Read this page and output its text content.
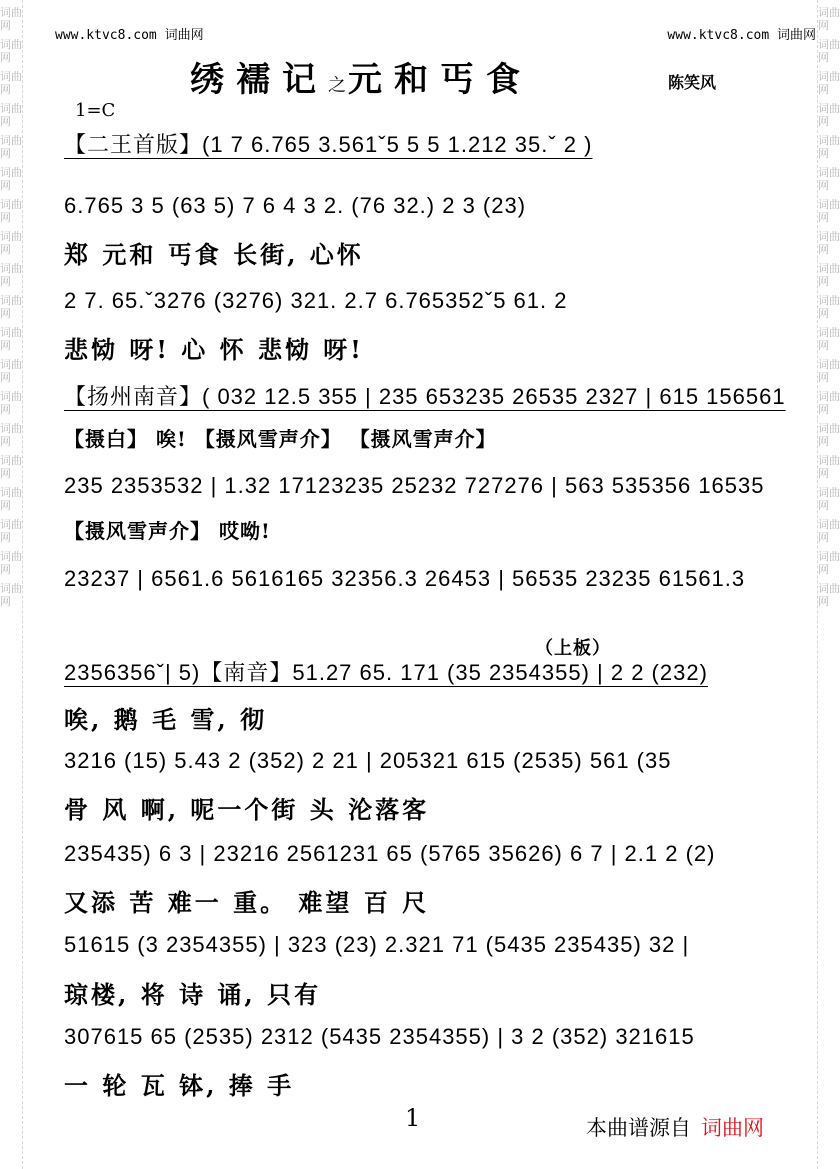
词曲网
词曲网
词曲网
词曲网
词曲网
词曲网
词曲网
词曲网
词曲网
词曲网
词曲网
词曲网
词曲网
词曲网
词曲网
词曲网
词曲网
词曲网
词曲网
词曲网
词曲网
词曲网
词曲网
词曲网
词曲网
词曲网
词曲网
词曲网
词曲网
词曲网
词曲网
词曲网
词曲网
词曲网
词曲网
词曲网
词曲网
词曲网
www.ktvc8.com 词曲网	www.ktvc8.com 词曲网
绣襦记之元和丐食	陈笑风
1=C
【二王首版】(1 7 6.765 3.561ˇ5 5 5 1.212 35.ˇ 2 )
6.765 3 5 (63 5) 7 6 4 3 2. (76 32.) 2 3 (23)
郑 元和 丐食 长街, 心怀
2 7. 65.ˇ3276 (3276) 321. 2.7 6.765352ˇ5 61. 2
悲恸 呀! 心 怀 悲恸 呀!
【扬州南音】( 032 12.5 355 | 235 653235 26535 2327 | 615 156561
【摄白】 唉! 【摄风雪声介】 【摄风雪声介】
235 2353532 | 1.32 17123235 25232 727276 | 563 535356 16535
【摄风雪声介】 哎呦!
23237 | 6561.6 5616165 32356.3 26453 | 56535 23235 61561.3
（上板）
2356356ˇ| 5)【南音】51.27 65. 171 (35 2354355) | 2 2 (232)
唉, 鹅 毛 雪, 彻
3216 (15) 5.43 2 (352) 2 21 | 205321 615 (2535) 561 (35
骨 风 啊, 呢一个街 头 沦落客
235435) 6 3 | 23216 2561231 65 (5765 35626) 6 7 | 2.1 2 (2)
又添 苦 难一 重。 难望 百 尺
51615 (3 2354355) | 323 (23) 2.321 71 (5435 235435) 32 |
琼楼, 将 诗 诵, 只有
307615 65 (2535) 2312 (5435 2354355) | 3 2 (352) 321615
一 轮 瓦 钵, 捧 手
1	本曲谱源自 词曲网
